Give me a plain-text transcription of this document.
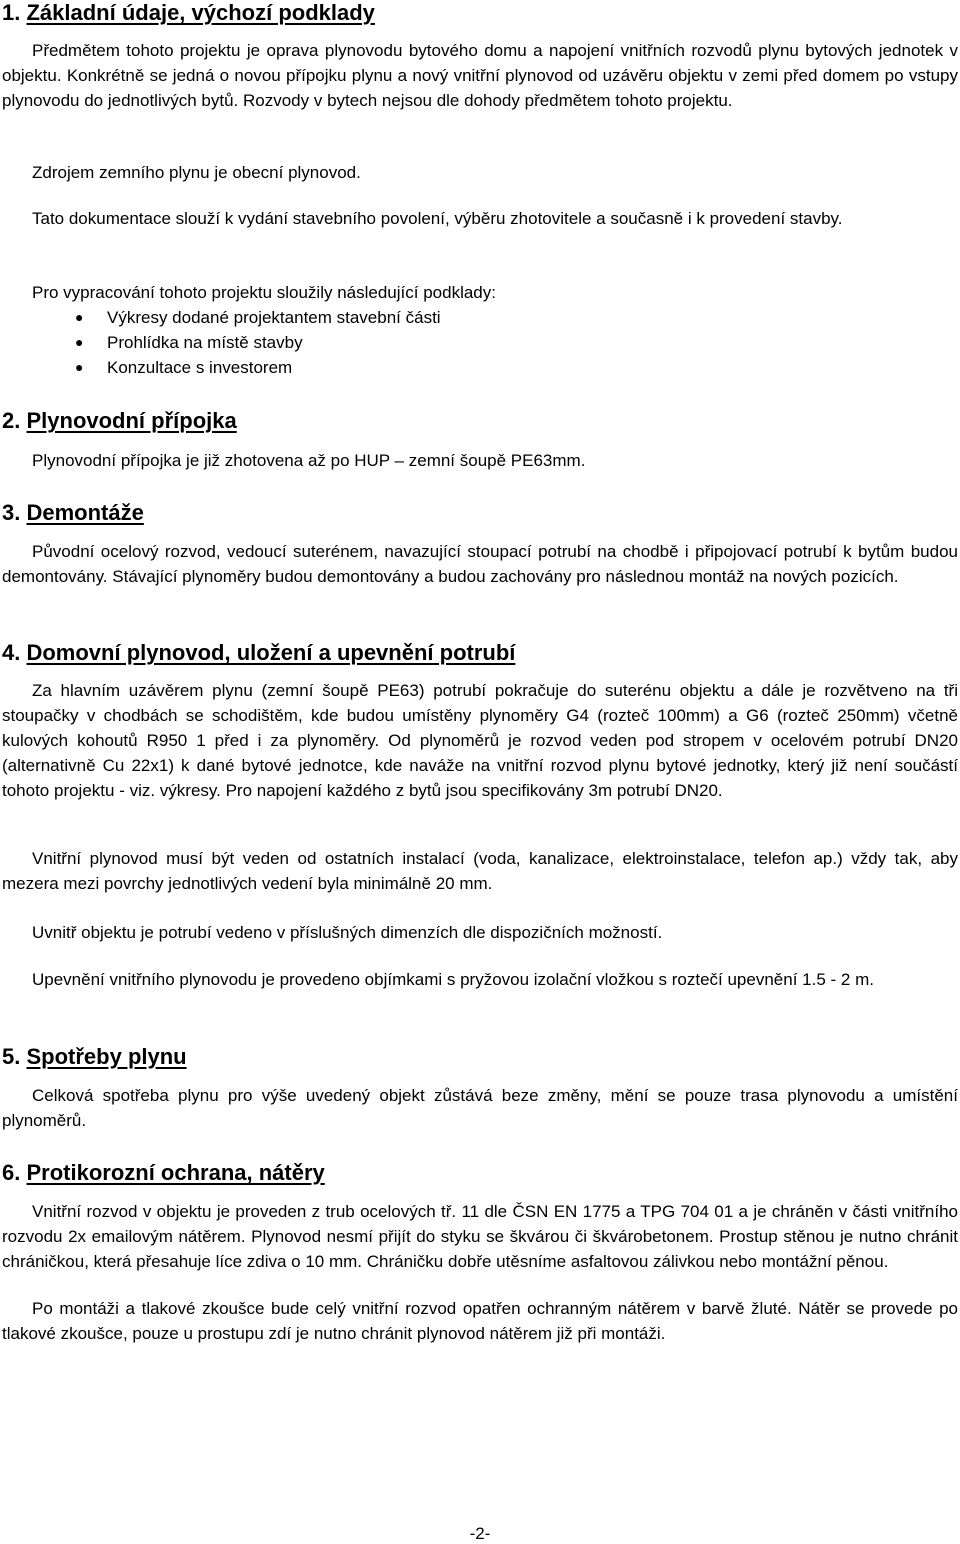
1. Základní údaje, výchozí podklady
Předmětem tohoto projektu je oprava plynovodu bytového domu a napojení vnitřních rozvodů plynu bytových jednotek v objektu. Konkrétně se jedná o novou přípojku plynu a nový vnitřní plynovod od uzávěru objektu v zemi před domem po vstupy plynovodu do jednotlivých bytů. Rozvody v bytech nejsou dle dohody předmětem tohoto projektu.
Zdrojem zemního plynu je obecní plynovod.
Tato dokumentace slouží k vydání stavebního povolení, výběru zhotovitele a současně i k provedení stavby.
Pro vypracování tohoto projektu sloužily následující podklady:
● Výkresy dodané projektantem stavební části
● Prohlídka na místě stavby
● Konzultace s investorem
2. Plynovodní přípojka
Plynovodní přípojka je již zhotovena až po HUP – zemní šoupě PE63mm.
3. Demontáže
Původní ocelový rozvod, vedoucí suterénem, navazující stoupací potrubí na chodbě i připojovací potrubí k bytům budou demontovány. Stávající plynoměry budou demontovány a budou zachovány pro následnou montáž na nových pozicích.
4. Domovní plynovod, uložení a upevnění potrubí
Za hlavním uzávěrem plynu (zemní šoupě PE63) potrubí pokračuje do suterénu objektu a dále je rozvětveno na tři stoupačky v chodbách se schodištěm, kde budou umístěny plynoměry G4 (rozteč 100mm) a G6 (rozteč 250mm) včetně kulových kohoutů R950 1 před i za plynoměry. Od plynoměrů je rozvod veden pod stropem v ocelovém potrubí DN20 (alternativně Cu 22x1) k dané bytové jednotce, kde naváže na vnitřní rozvod plynu bytové jednotky, který již není součástí tohoto projektu - viz. výkresy. Pro napojení každého z bytů jsou specifikovány 3m potrubí DN20.
Vnitřní plynovod musí být veden od ostatních instalací (voda, kanalizace, elektroinstalace, telefon ap.) vždy tak, aby mezera mezi povrchy jednotlivých vedení byla minimálně 20 mm.
Uvnitř objektu je potrubí vedeno v příslušných dimenzích dle dispozičních možností.
Upevnění vnitřního plynovodu je provedeno objímkami s pryžovou izolační vložkou s roztečí upevnění 1.5 - 2 m.
5. Spotřeby plynu
Celková spotřeba plynu pro výše uvedený objekt zůstává beze změny, mění se pouze trasa plynovodu a umístění plynoměrů.
6. Protikorozní ochrana, nátěry
Vnitřní rozvod v objektu je proveden z trub ocelových tř. 11 dle ČSN EN 1775 a TPG 704 01 a je chráněn v části vnitřního rozvodu 2x emailovým nátěrem. Plynovod nesmí přijít do styku se škvárou či škvárobetonem. Prostup stěnou je nutno chránit chráničkou, která přesahuje líce zdiva o 10 mm. Chráničku dobře utěsníme asfaltovou zálivkou nebo montážní pěnou.
Po montáži a tlakové zkoušce bude celý vnitřní rozvod opatřen ochranným nátěrem v barvě žluté. Nátěr se provede po tlakové zkoušce, pouze u prostupu zdí je nutno chránit plynovod nátěrem již při montáži.
-2-
